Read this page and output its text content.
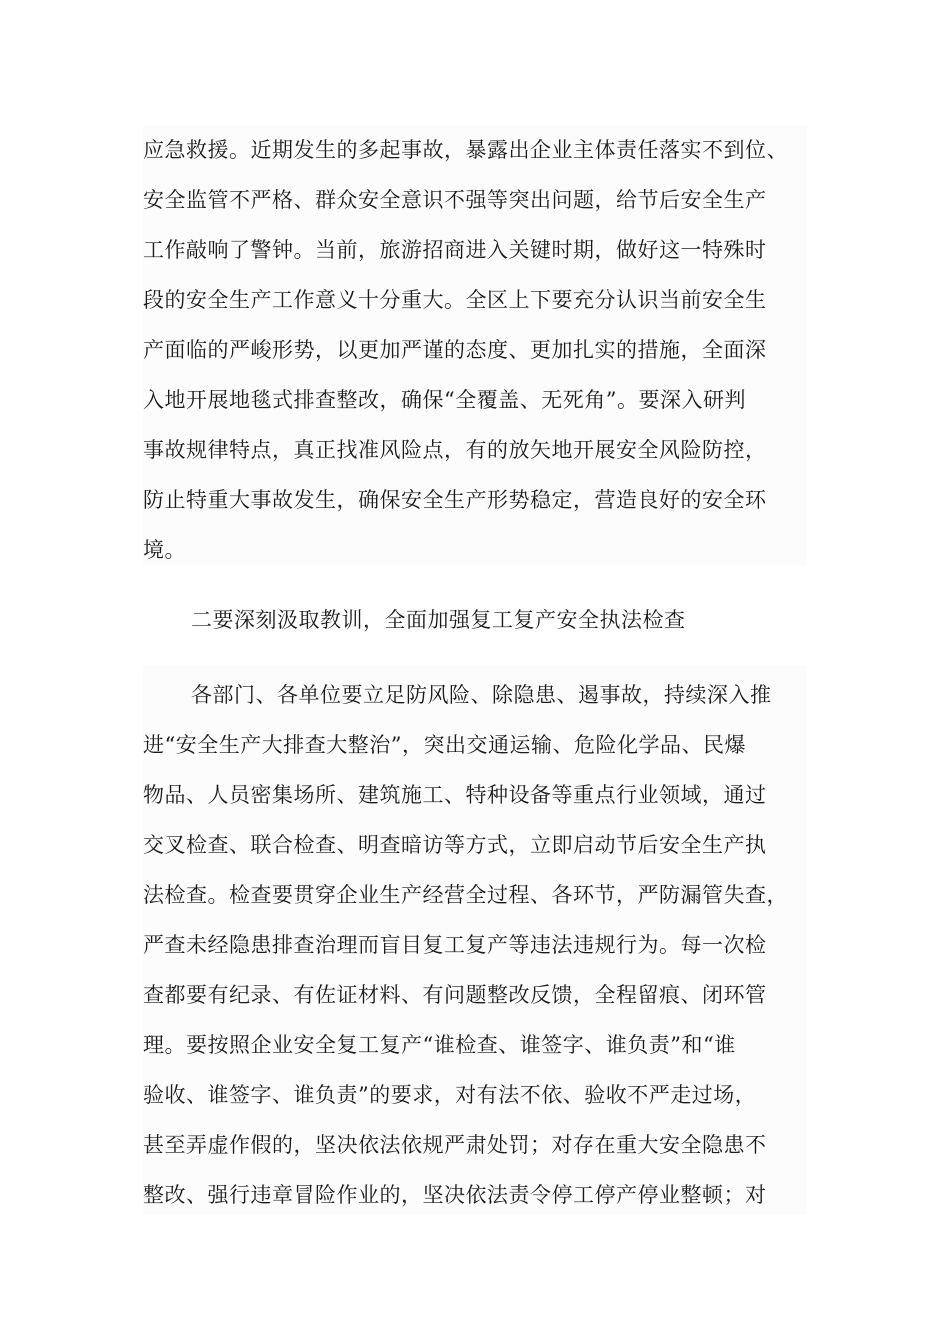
应急救援。近期发生的多起事故，暴露出企业主体责任落实不到位、
安全监管不严格、群众安全意识不强等突出问题，给节后安全生产
工作敲响了警钟。当前，旅游招商进入关键时期，做好这一特殊时
段的安全生产工作意义十分重大。全区上下要充分认识当前安全生
产面临的严峻形势，以更加严谨的态度、更加扎实的措施，全面深
入地开展地毯式排查整改，确保“全覆盖、无死角”。要深入研判
事故规律特点，真正找准风险点，有的放矢地开展安全风险防控，
防止特重大事故发生，确保安全生产形势稳定，营造良好的安全环
境。
二要深刻汲取教训，全面加强复工复产安全执法检查
各部门、各单位要立足防风险、除隐患、遏事故，持续深入推
进“安全生产大排查大整治”，突出交通运输、危险化学品、民爆
物品、人员密集场所、建筑施工、特种设备等重点行业领域，通过
交叉检查、联合检查、明查暗访等方式，立即启动节后安全生产执
法检查。检查要贯穿企业生产经营全过程、各环节，严防漏管失查，
严查未经隐患排查治理而盲目复工复产等违法违规行为。每一次检
查都要有纪录、有佐证材料、有问题整改反馈，全程留痕、闭环管
理。要按照企业安全复工复产“谁检查、谁签字、谁负责”和“谁
验收、谁签字、谁负责”的要求，对有法不依、验收不严走过场，
甚至弄虚作假的，坚决依法依规严肃处罚；对存在重大安全隐患不
整改、强行违章冒险作业的，坚决依法责令停工停产停业整顿；对
